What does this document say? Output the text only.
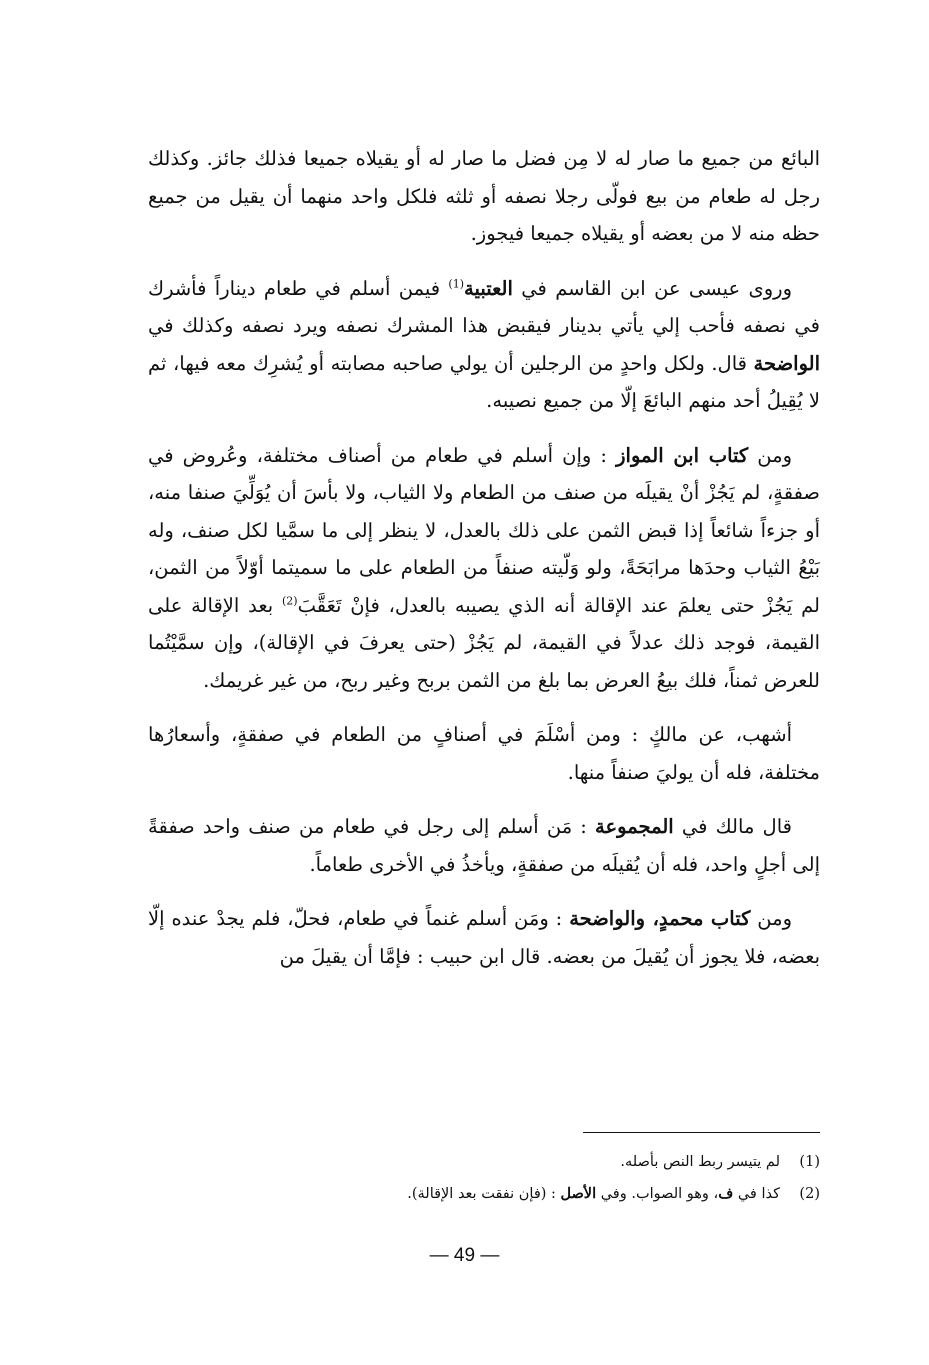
البائع من جميع ما صار له لا مِن فضل ما صار له أو يقيلاه جميعا فذلك جائز. وكذلك رجل له طعام من بيع فولّى رجلا نصفه أو ثلثه فلكل واحد منهما أن يقيل من جميع حظه منه لا من بعضه أو يقيلاه جميعا فيجوز.

وروى عيسى عن ابن القاسم في العتبية$^{(1)}$ فيمن أسلم في طعام ديناراً فأشرك في نصفه فأحب إلي يأتي بدينار فيقبض هذا المشرك نصفه ويرد نصفه وكذلك في الواضحة قال. ولكل واحدٍ من الرجلين أن يولي صاحبه مصابته أو يُشرِك معه فيها، ثم لا يُقِيلُ أحد منهم البائعَ إلّا من جميع نصيبه.

ومن كتاب ابن المواز : وإن أسلم في طعام من أصناف مختلفة، وعُروض في صفقةٍ، لم يَجُزْ أنْ يقيلَه من صنف من الطعام ولا الثياب، ولا بأسَ أن يُوَلِّيَ صنفا منه، أو جزءاً شائعاً إذا قبض الثمن على ذلك بالعدل، لا ينظر إلى ما سمَّيا لكل صنف، وله بَيْعُ الثياب وحدَها مرابَحَةً، ولو وَلّيته صنفاً من الطعام على ما سميتما أوّلاً من الثمن، لم يَجُزْ حتى يعلمَ عند الإقالة أنه الذي يصيبه بالعدل، فإنْ تَعَقَّبَ$^{(2)}$ بعد الإقالة على القيمة، فوجد ذلك عدلاً في القيمة، لم يَجُزْ (حتى يعرفَ في الإقالة)، وإن سمَّيْتُما للعرض ثمناً، فلك بيعُ العرض بما بلغ من الثمن بربح وغير ربح، من غير غريمك.

أشهب، عن مالكٍ : ومن أسْلَمَ في أصنافٍ من الطعام في صفقةٍ، وأسعارُها مختلفة، فله أن يوليَ صنفاً منها.

قال مالك في المجموعة : مَن أسلم إلى رجل في طعام من صنف واحد صفقةً إلى أجلٍ واحد، فله أن يُقيلَه من صفقةٍ، ويأخذُ في الأخرى طعاماً.

ومن كتاب محمدٍ، والواضحة : ومَن أسلم غنماً في طعام، فحلّ، فلم يجدْ عنده إلّا بعضه، فلا يجوز أن يُقيلَ من بعضه. قال ابن حبيب : فإمَّا أن يقيلَ من

(1)لم يتيسر ربط النص بأصله.
(2)كذا في ف، وهو الصواب. وفي الأصل : (فإن نفقت بعد الإقالة).
— 49 —
